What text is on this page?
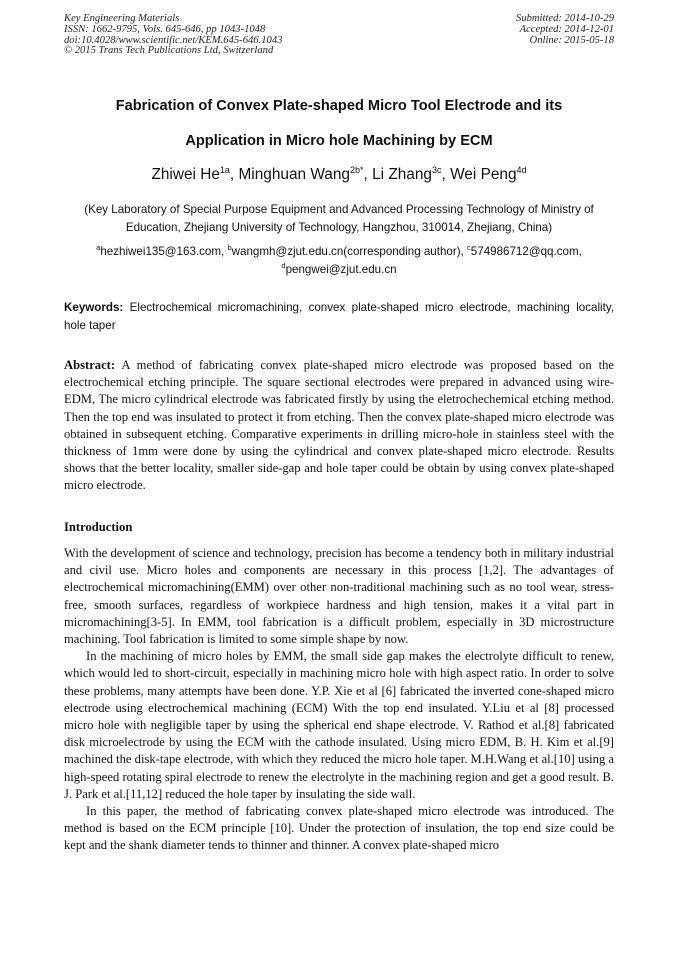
Key Engineering Materials
ISSN: 1662-9795, Vols. 645-646, pp 1043-1048
doi:10.4028/www.scientific.net/KEM.645-646.1043
© 2015 Trans Tech Publications Ltd, Switzerland
Submitted: 2014-10-29
Accepted: 2014-12-01
Online: 2015-05-18
Fabrication of Convex Plate-shaped Micro Tool Electrode and its
Application in Micro hole Machining by ECM
Zhiwei $He^{1a}$, Minghuan Wang$^{2b*}$, Li Zhang$^{3c}$, Wei Peng$^{4d}$
(Key Laboratory of Special Purpose Equipment and Advanced Processing Technology of Ministry of
Education, Zhejiang University of Technology, Hangzhou, 310014, Zhejiang, China)
$^a$hezhiwei135@163.com, $^b$wangmh@zjut.edu.cn(corresponding author), $^c$574986712@qq.com,
$^d$pengwei@zjut.edu.cn
Keywords: Electrochemical micromachining, convex plate-shaped micro electrode, machining locality, hole taper
Abstract: A method of fabricating convex plate-shaped micro electrode was proposed based on the electrochemical etching principle. The square sectional electrodes were prepared in advanced using wire-EDM, The micro cylindrical electrode was fabricated firstly by using the eletrochechemical etching method. Then the top end was insulated to protect it from etching. Then the convex plate-shaped micro electrode was obtained in subsequent etching. Comparative experiments in drilling micro-hole in stainless steel with the thickness of 1mm were done by using the cylindrical and convex plate-shaped micro electrode. Results shows that the better locality, smaller side-gap and hole taper could be obtain by using convex plate-shaped micro electrode.
Introduction

With the development of science and technology, precision has become a tendency both in military industrial and civil use. Micro holes and components are necessary in this process [1,2]. The advantages of electrochemical micromachining(EMM) over other non-traditional machining such as no tool wear, stress-free, smooth surfaces, regardless of workpiece hardness and high tension, makes it a vital part in micromachining[3-5]. In EMM, tool fabrication is a difficult problem, especially in 3D microstructure machining. Tool fabrication is limited to some simple shape by now.

In the machining of micro holes by EMM, the small side gap makes the electrolyte difficult to renew, which would led to short-circuit, especially in machining micro hole with high aspect ratio. In order to solve these problems, many attempts have been done. Y.P. Xie et al [6] fabricated the inverted cone-shaped micro electrode using electrochemical machining (ECM) With the top end insulated. Y.Liu et al [8] processed micro hole with negligible taper by using the spherical end shape electrode. V. Rathod et al.[8] fabricated disk microelectrode by using the ECM with the cathode insulated. Using micro EDM, B. H. Kim et al.[9] machined the disk-tape electrode, with which they reduced the micro hole taper. M.H.Wang et al.[10] using a high-speed rotating spiral electrode to renew the electrolyte in the machining region and get a good result. B. J. Park et al.[11,12] reduced the hole taper by insulating the side wall.

In this paper, the method of fabricating convex plate-shaped micro electrode was introduced. The method is based on the ECM principle [10]. Under the protection of insulation, the top end size could be kept and the shank diameter tends to thinner and thinner. A convex plate-shaped micro
